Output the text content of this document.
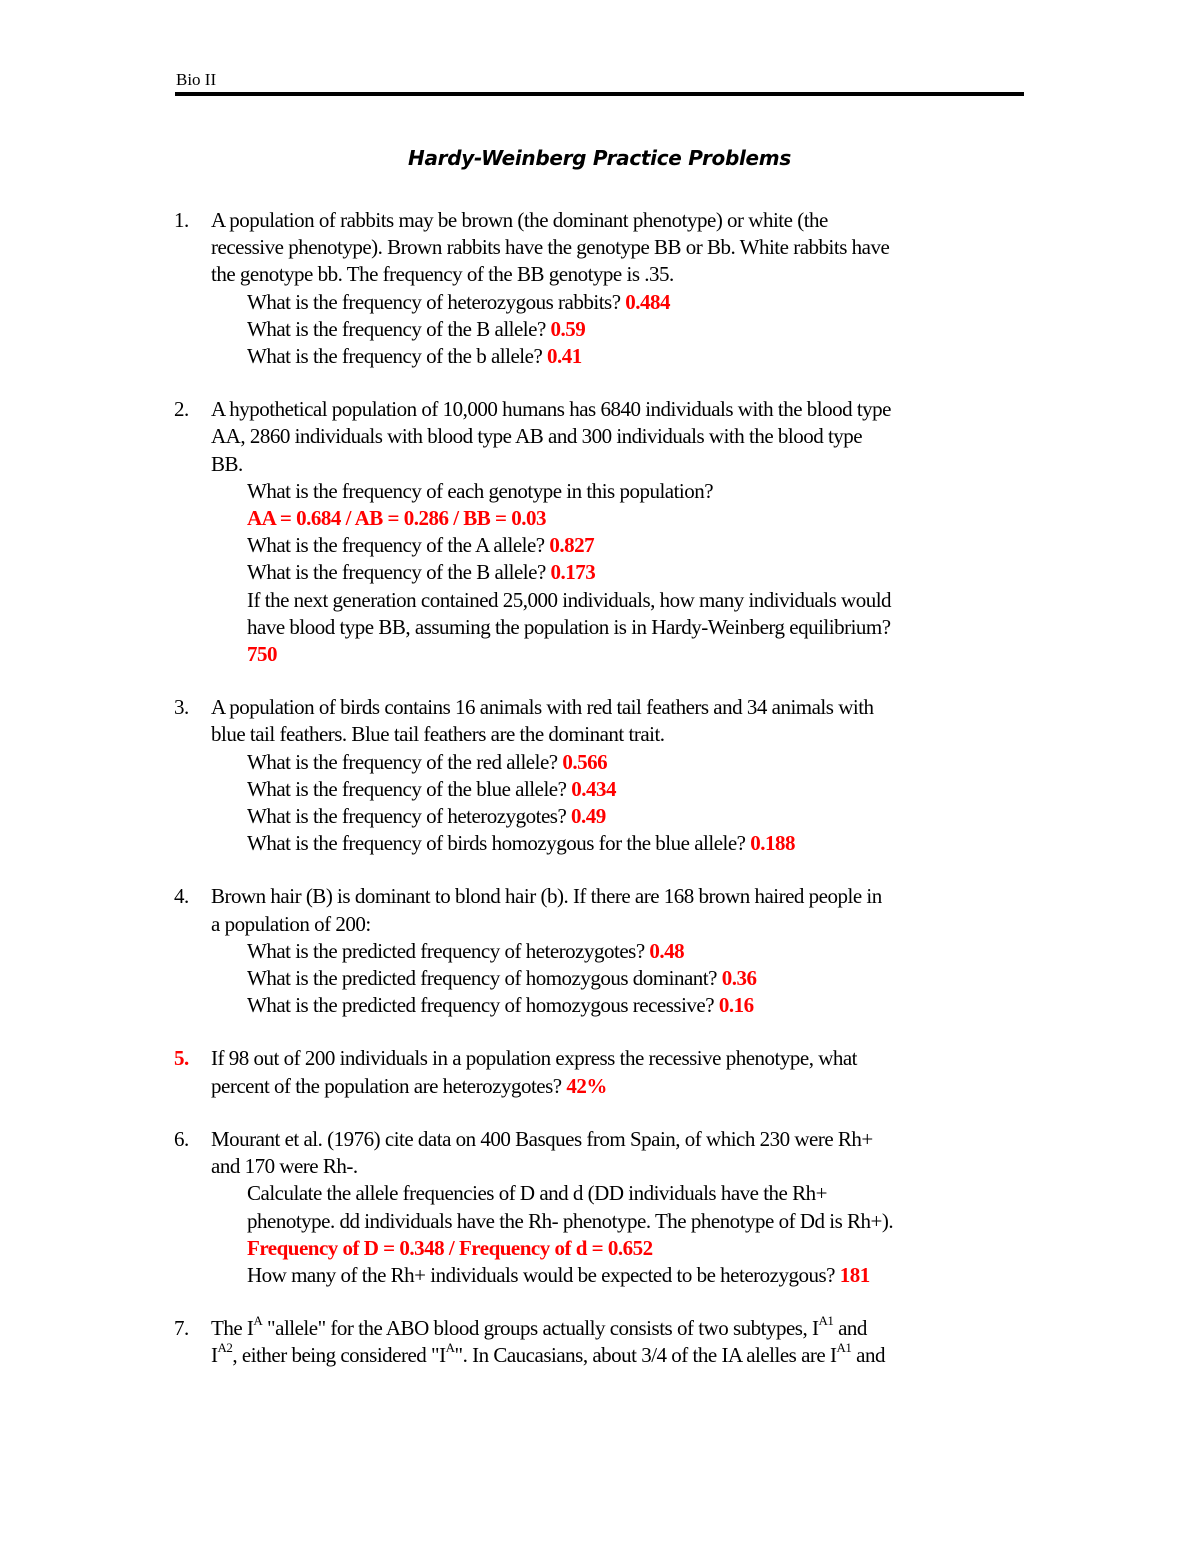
Bio II
Hardy-Weinberg Practice Problems
1. A population of rabbits may be brown (the dominant phenotype) or white (the
recessive phenotype). Brown rabbits have the genotype BB or Bb. White rabbits have
the genotype bb. The frequency of the BB genotype is .35.
What is the frequency of heterozygous rabbits? 0.484
What is the frequency of the B allele? 0.59
What is the frequency of the b allele? 0.41
2. A hypothetical population of 10,000 humans has 6840 individuals with the blood type
AA, 2860 individuals with blood type AB and 300 individuals with the blood type
BB.
What is the frequency of each genotype in this population?
AA = 0.684 / AB = 0.286 / BB = 0.03
What is the frequency of the A allele? 0.827
What is the frequency of the B allele? 0.173
If the next generation contained 25,000 individuals, how many individuals would
have blood type BB, assuming the population is in Hardy-Weinberg equilibrium?
750
3. A population of birds contains 16 animals with red tail feathers and 34 animals with
blue tail feathers. Blue tail feathers are the dominant trait.
What is the frequency of the red allele? 0.566
What is the frequency of the blue allele? 0.434
What is the frequency of heterozygotes? 0.49
What is the frequency of birds homozygous for the blue allele? 0.188
4. Brown hair (B) is dominant to blond hair (b). If there are 168 brown haired people in
a population of 200:
What is the predicted frequency of heterozygotes? 0.48
What is the predicted frequency of homozygous dominant? 0.36
What is the predicted frequency of homozygous recessive? 0.16
5. If 98 out of 200 individuals in a population express the recessive phenotype, what
percent of the population are heterozygotes? 42%
6. Mourant et al. (1976) cite data on 400 Basques from Spain, of which 230 were Rh+
and 170 were Rh-.
Calculate the allele frequencies of D and d (DD individuals have the Rh+
phenotype. dd individuals have the Rh- phenotype. The phenotype of Dd is Rh+).
Frequency of D = 0.348 / Frequency of d = 0.652
How many of the Rh+ individuals would be expected to be heterozygous? 181
7. The $I^A$ "allele" for the ABO blood groups actually consists of two subtypes, $I^{A1}$ and
$I^{A2}$, either being considered "$I^A$". In Caucasians, about 3/4 of the IA alelles are $I^{A1}$ and
